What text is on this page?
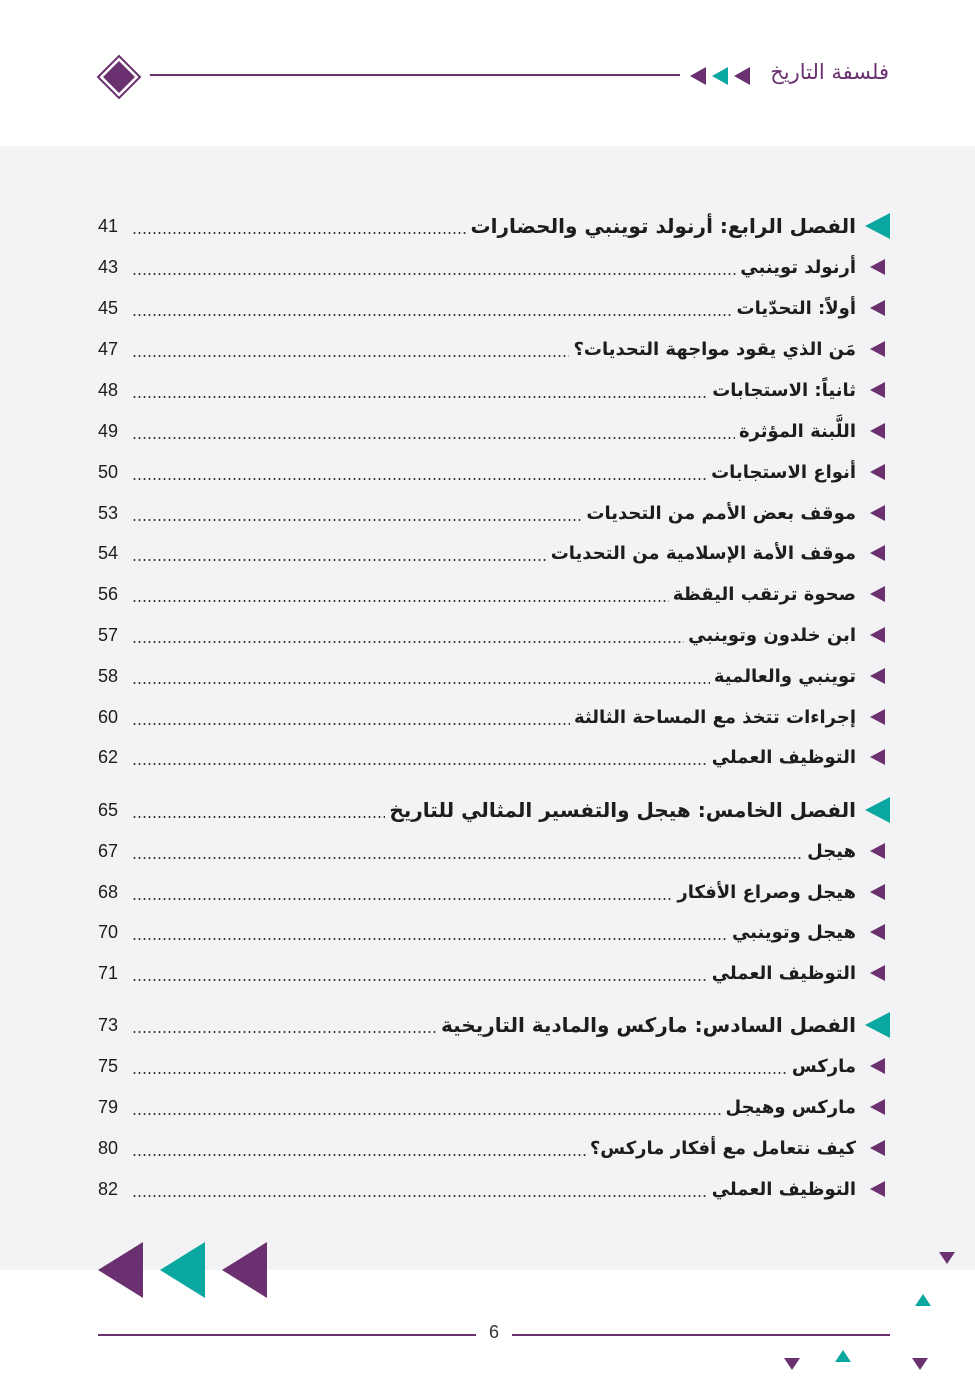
فلسفة التاريخ
الفصل الرابع: أرنولد توينبي والحضارات
41
أرنولد توينبي
43
أولاً: التحدّيات
45
مَن الذي يقود مواجهة التحديات؟
47
ثانياً: الاستجابات
48
اللَّبنة المؤثرة
49
أنواع الاستجابات
50
موقف بعض الأمم من التحديات
53
موقف الأمة الإسلامية من التحديات
54
صحوة ترتقب اليقظة
56
ابن خلدون وتوينبي
57
توينبي والعالمية
58
إجراءات تتخذ مع المساحة الثالثة
60
التوظيف العملي
62
الفصل الخامس: هيجل والتفسير المثالي للتاريخ
65
هيجل
67
هيجل وصراع الأفكار
68
هيجل وتوينبي
70
التوظيف العملي
71
الفصل السادس: ماركس والمادية التاريخية
73
ماركس
75
ماركس وهيجل
79
كيف نتعامل مع أفكار ماركس؟
80
التوظيف العملي
82
6
